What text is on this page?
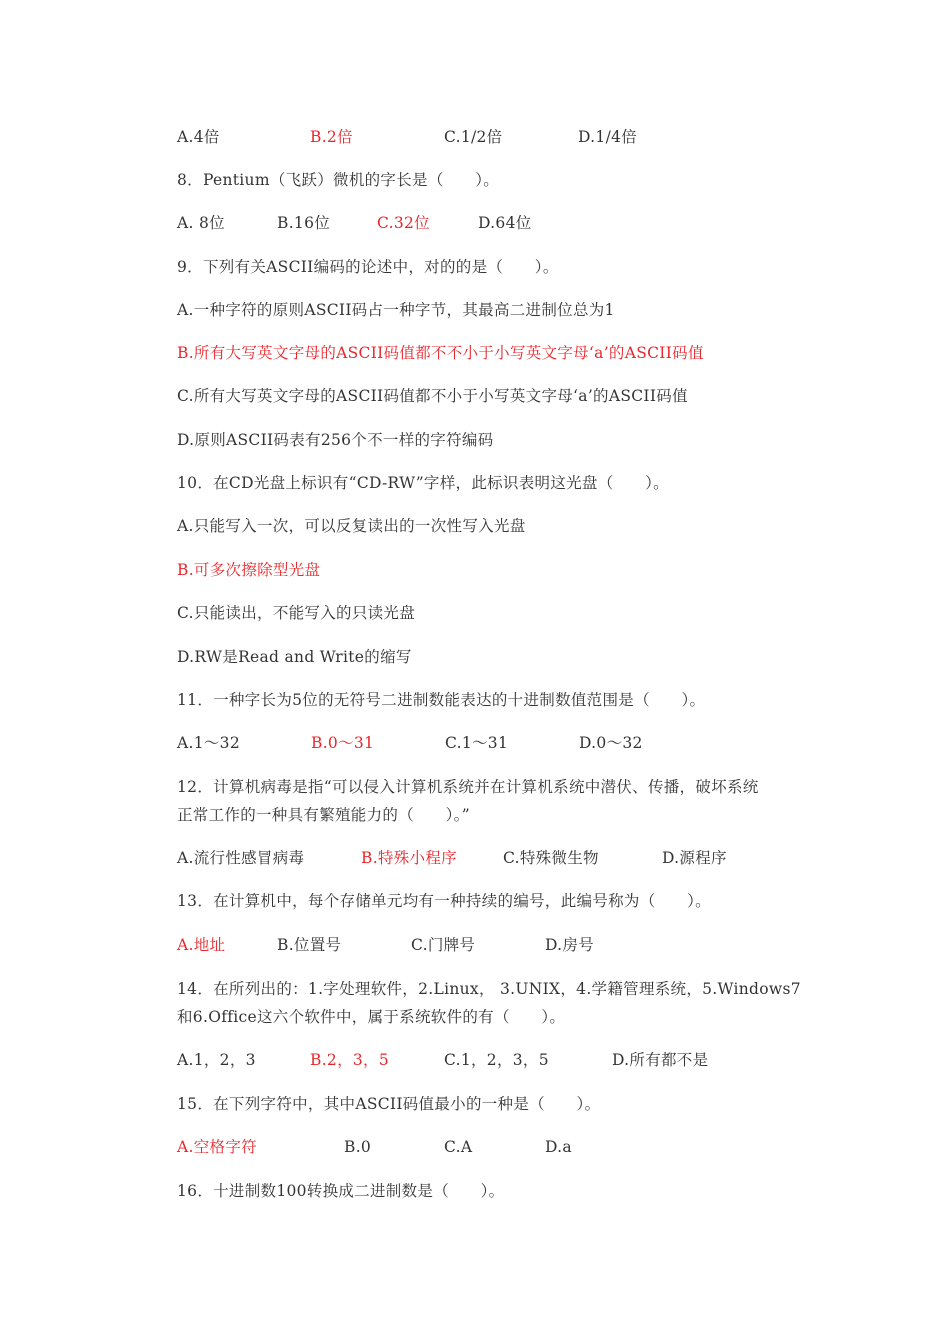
A.4倍	B.2倍	C.1/2倍	D.1/4倍
8．Pentium（飞跃）微机的字长是（　　）。
A. 8位	B.16位	C.32位	D.64位
9．下列有关ASCII编码的论述中，对的的是（　　）。
A.一种字符的原则ASCII码占一种字节，其最高二进制位总为1
B.所有大写英文字母的ASCII码值都不不小于小写英文字母‘a’的ASCII码值
C.所有大写英文字母的ASCII码值都不小于小写英文字母‘a’的ASCII码值
D.原则ASCII码表有256个不一样的字符编码
10．在CD光盘上标识有“CD-RW”字样，此标识表明这光盘（　　）。
A.只能写入一次，可以反复读出的一次性写入光盘
B.可多次擦除型光盘
C.只能读出，不能写入的只读光盘
D.RW是Read and Write的缩写
11．一种字长为5位的无符号二进制数能表达的十进制数值范围是（　　）。
A.1～32	B.0～31	C.1～31	D.0～32
12．计算机病毒是指“可以侵入计算机系统并在计算机系统中潜伏、传播，破坏系统
正常工作的一种具有繁殖能力的（　　）。”
A.流行性感冒病毒	B.特殊小程序	C.特殊微生物	D.源程序
13．在计算机中，每个存储单元均有一种持续的编号，此编号称为（　　）。
A.地址	B.位置号	C.门牌号	D.房号
14．在所列出的：1.字处理软件，2.Linux， 3.UNIX，4.学籍管理系统，5.Windows7
和6.Office这六个软件中，属于系统软件的有（　　）。
A.1，2，3	B.2，3，5	C.1，2，3，5	D.所有都不是
15．在下列字符中，其中ASCII码值最小的一种是（　　）。
A.空格字符	B.0	C.A	D.a
16．十进制数100转换成二进制数是（　　）。
